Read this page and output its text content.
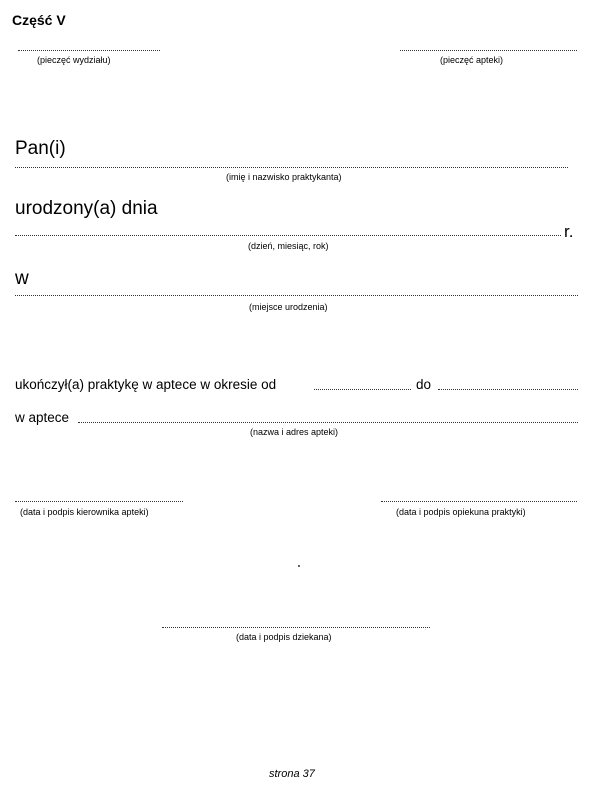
Część V
(pieczęć wydziału)	(pieczęć apteki)
Pan(i)
(imię i nazwisko praktykanta)
urodzony(a) dnia
r.
(dzień, miesiąc, rok)
w
(miejsce urodzenia)
ukończył(a) praktykę w aptece w okresie od	do
w aptece
(nazwa i adres apteki)
(data i podpis kierownika apteki)	(data i podpis opiekuna praktyki)
(data i podpis dziekana)
strona 37
